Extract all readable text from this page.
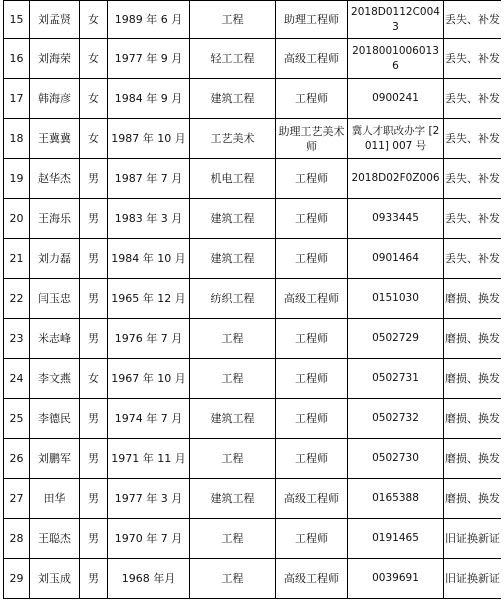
15	刘孟贤	女	1989 年 6 月	工程	助理工程师	2018D0112C0043	丢失、补发
16	刘海荣	女	1977 年 9 月	轻工工程	高级工程师	20180010060136	丢失、补发
17	韩海彦	女	1984 年 9 月	建筑工程	工程师	0900241	丢失、补发
18	王冀冀	女	1987 年 10 月	工艺美术	助理工艺美术师	冀人才职改办字 [2011] 007 号	丢失、补发
19	赵华杰	男	1987 年 7 月	机电工程	工程师	2018D02F0Z006	丢失、补发
20	王海乐	男	1983 年 3 月	建筑工程	工程师	0933445	丢失、补发
21	刘力磊	男	1984 年 10 月	建筑工程	工程师	0901464	丢失、补发
22	闫玉忠	男	1965 年 12 月	纺织工程	高级工程师	0151030	磨损、换发
23	米志峰	男	1976 年 7 月	工程	工程师	0502729	磨损、换发
24	李文燕	女	1967 年 10 月	工程	工程师	0502731	磨损、换发
25	李德民	男	1974 年 7 月	建筑工程	工程师	0502732	磨损、换发
26	刘鹏军	男	1971 年 11 月	工程	工程师	0502730	磨损、换发
27	田华	男	1977 年 3 月	建筑工程	高级工程师	0165388	磨损、换发
28	王聪杰	男	1970 年 7 月	工程	工程师	0191465	旧证换新证
29	刘玉成	男	1968 年月	工程	高级工程师	0039691	旧证换新证
